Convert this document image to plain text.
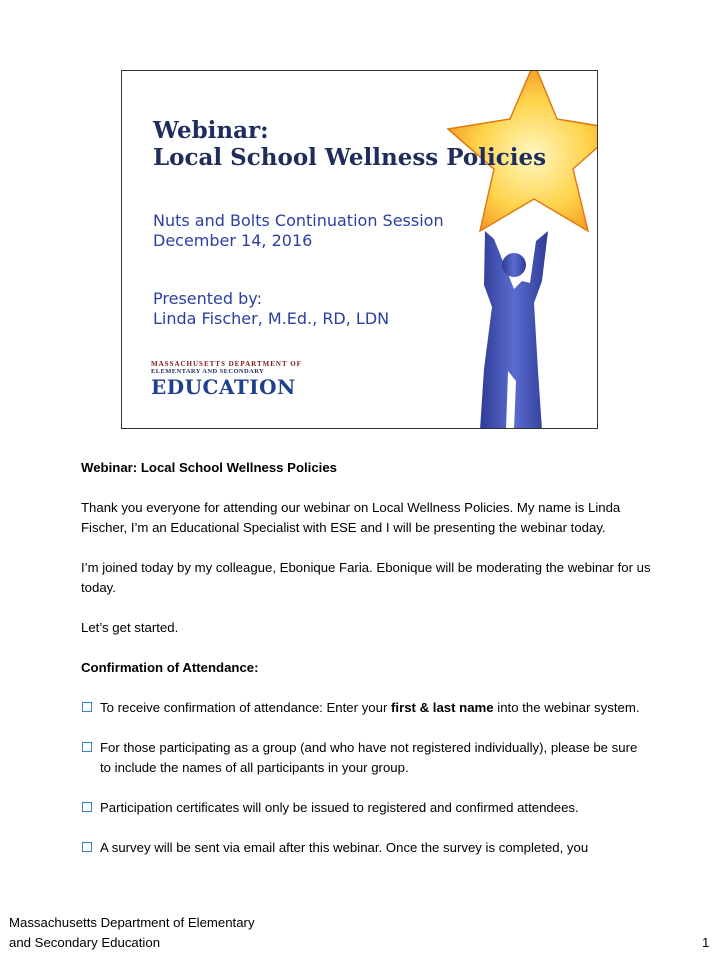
Webinar:
Local School Wellness Policies
Nuts and Bolts Continuation Session
December 14, 2016
Presented by:
Linda Fischer, M.Ed., RD, LDN
MASSACHUSETTS DEPARTMENT OF
ELEMENTARY AND SECONDARY
EDUCATION

Webinar: Local School Wellness Policies

Thank you everyone for attending our webinar on Local Wellness Policies. My name is Linda Fischer, I’m an Educational Specialist with ESE and I will be presenting the webinar today.

I’m joined today by my colleague, Ebonique Faria. Ebonique will be moderating the webinar for us today.

Let’s get started.

Confirmation of Attendance:

To receive confirmation of attendance: Enter your first & last name into the webinar system.
For those participating as a group (and who have not registered individually), please be sure to include the names of all participants in your group.
Participation certificates will only be issued to registered and confirmed attendees.
A survey will be sent via email after this webinar. Once the survey is completed, you
Massachusetts Department of Elementary
and Secondary Education	1
